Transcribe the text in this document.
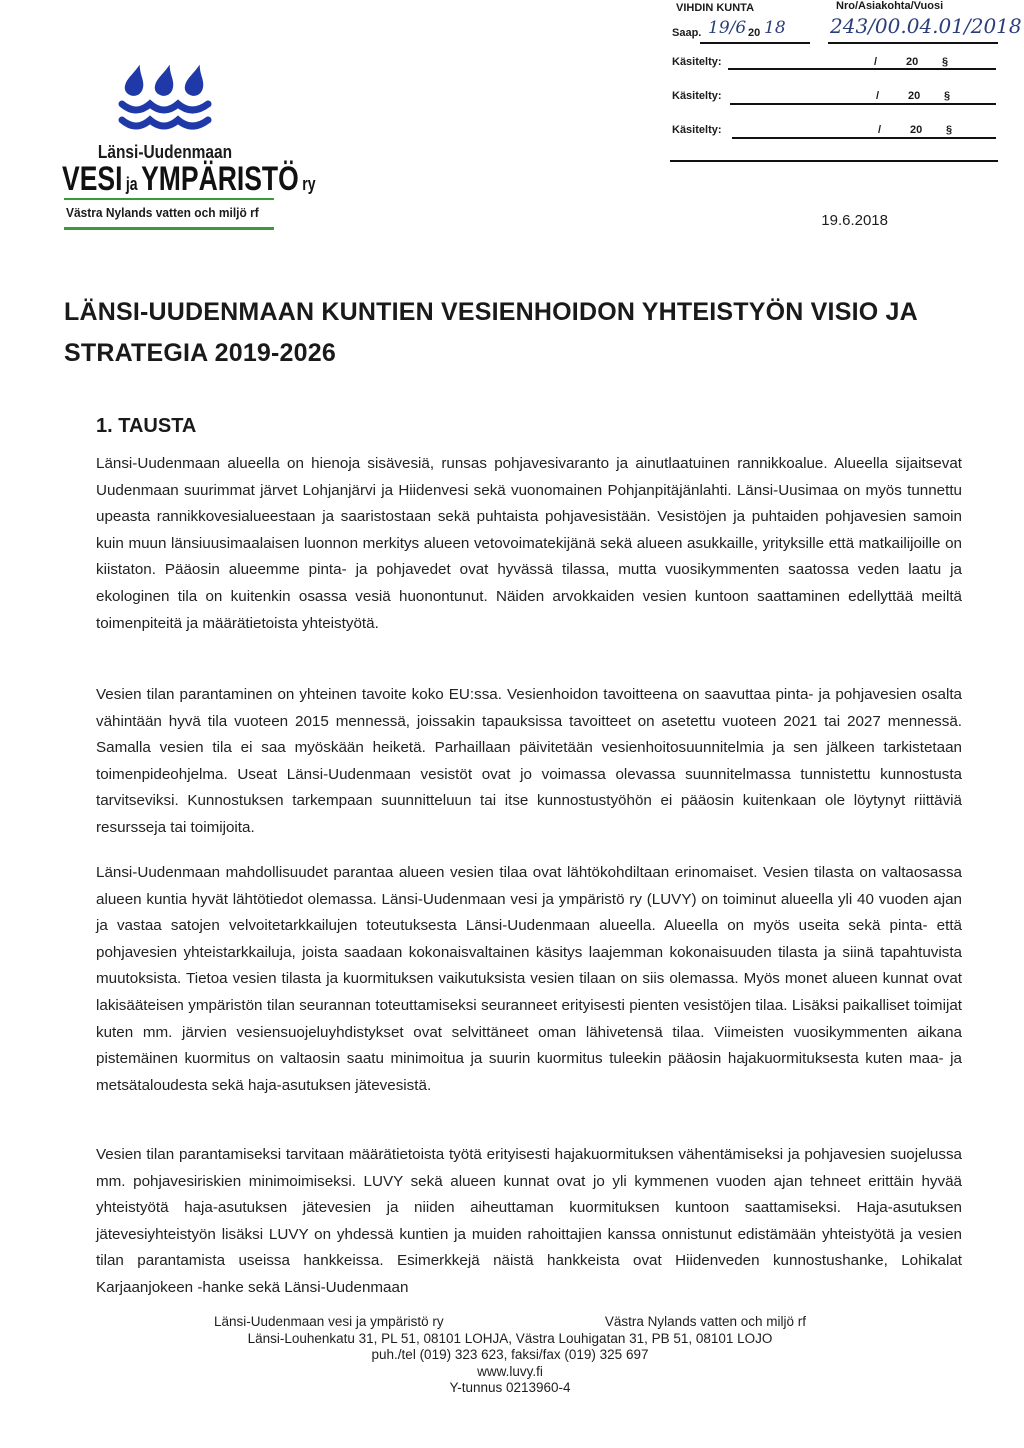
Länsi-Uudenmaan
VESI ja YMPÄRISTÖ ry
Västra Nylands vatten och miljö rf
VIHDIN KUNTA	Nro/Asiakohta/Vuosi
Saap. 19/6 20 18 243/00.04.01/2018
Käsitelty:	/	20 §
Käsitelty:	/	20 §
Käsitelty:	/	20 §
19.6.2018
LÄNSI-UUDENMAAN KUNTIEN VESIENHOIDON YHTEISTYÖN VISIO JA STRATEGIA 2019-2026
1. TAUSTA

Länsi-Uudenmaan alueella on hienoja sisävesiä, runsas pohjavesivaranto ja ainutlaatuinen rannikkoalue. Alueella sijaitsevat Uudenmaan suurimmat järvet Lohjanjärvi ja Hiidenvesi sekä vuonomainen Pohjanpitäjänlahti. Länsi-Uusimaa on myös tunnettu upeasta rannikkovesialueestaan ja saaristostaan sekä puhtaista pohjavesistään. Vesistöjen ja puhtaiden pohjavesien samoin kuin muun länsiuusimaalaisen luonnon merkitys alueen vetovoimatekijänä sekä alueen asukkaille, yrityksille että matkailijoille on kiistaton. Pääosin alueemme pinta- ja pohjavedet ovat hyvässä tilassa, mutta vuosikymmenten saatossa veden laatu ja ekologinen tila on kuitenkin osassa vesiä huonontunut. Näiden arvokkaiden vesien kuntoon saattaminen edellyttää meiltä toimenpiteitä ja määrätietoista yhteistyötä.

Vesien tilan parantaminen on yhteinen tavoite koko EU:ssa. Vesienhoidon tavoitteena on saavuttaa pinta- ja pohjavesien osalta vähintään hyvä tila vuoteen 2015 mennessä, joissakin tapauksissa tavoitteet on asetettu vuoteen 2021 tai 2027 mennessä. Samalla vesien tila ei saa myöskään heiketä. Parhaillaan päivitetään vesienhoitosuunnitelmia ja sen jälkeen tarkistetaan toimenpideohjelma. Useat Länsi-Uudenmaan vesistöt ovat jo voimassa olevassa suunnitelmassa tunnistettu kunnostusta tarvitseviksi. Kunnostuksen tarkempaan suunnitteluun tai itse kunnostustyöhön ei pääosin kuitenkaan ole löytynyt riittäviä resursseja tai toimijoita.

Länsi-Uudenmaan mahdollisuudet parantaa alueen vesien tilaa ovat lähtökohdiltaan erinomaiset. Vesien tilasta on valtaosassa alueen kuntia hyvät lähtötiedot olemassa. Länsi-Uudenmaan vesi ja ympäristö ry (LUVY) on toiminut alueella yli 40 vuoden ajan ja vastaa satojen velvoitetarkkailujen toteutuksesta Länsi-Uudenmaan alueella. Alueella on myös useita sekä pinta- että pohjavesien yhteistarkkailuja, joista saadaan kokonaisvaltainen käsitys laajemman kokonaisuuden tilasta ja siinä tapahtuvista muutoksista. Tietoa vesien tilasta ja kuormituksen vaikutuksista vesien tilaan on siis olemassa. Myös monet alueen kunnat ovat lakisääteisen ympäristön tilan seurannan toteuttamiseksi seuranneet erityisesti pienten vesistöjen tilaa. Lisäksi paikalliset toimijat kuten mm. järvien vesiensuojeluyhdistykset ovat selvittäneet oman lähivetensä tilaa. Viimeisten vuosikymmenten aikana pistemäinen kuormitus on valtaosin saatu minimoitua ja suurin kuormitus tuleekin pääosin hajakuormituksesta kuten maa- ja metsätaloudesta sekä haja-asutuksen jätevesistä.

Vesien tilan parantamiseksi tarvitaan määrätietoista työtä erityisesti hajakuormituksen vähentämiseksi ja pohjavesien suojelussa mm. pohjavesiriskien minimoimiseksi. LUVY sekä alueen kunnat ovat jo yli kymmenen vuoden ajan tehneet erittäin hyvää yhteistyötä haja-asutuksen jätevesien ja niiden aiheuttaman kuormituksen kuntoon saattamiseksi. Haja-asutuksen jätevesiyhteistyön lisäksi LUVY on yhdessä kuntien ja muiden rahoittajien kanssa onnistunut edistämään yhteistyötä ja vesien tilan parantamista useissa hankkeissa. Esimerkkejä näistä hankkeista ovat Hiidenveden kunnostushanke, Lohikalat Karjaanjokeen -hanke sekä Länsi-Uudenmaan

Länsi-Uudenmaan vesi ja ympäristö ry	Västra Nylands vatten och miljö rf
Länsi-Louhenkatu 31, PL 51, 08101 LOHJA, Västra Louhigatan 31, PB 51, 08101 LOJO
puh./tel (019) 323 623, faksi/fax (019) 325 697
www.luvy.fi
Y-tunnus 0213960-4
